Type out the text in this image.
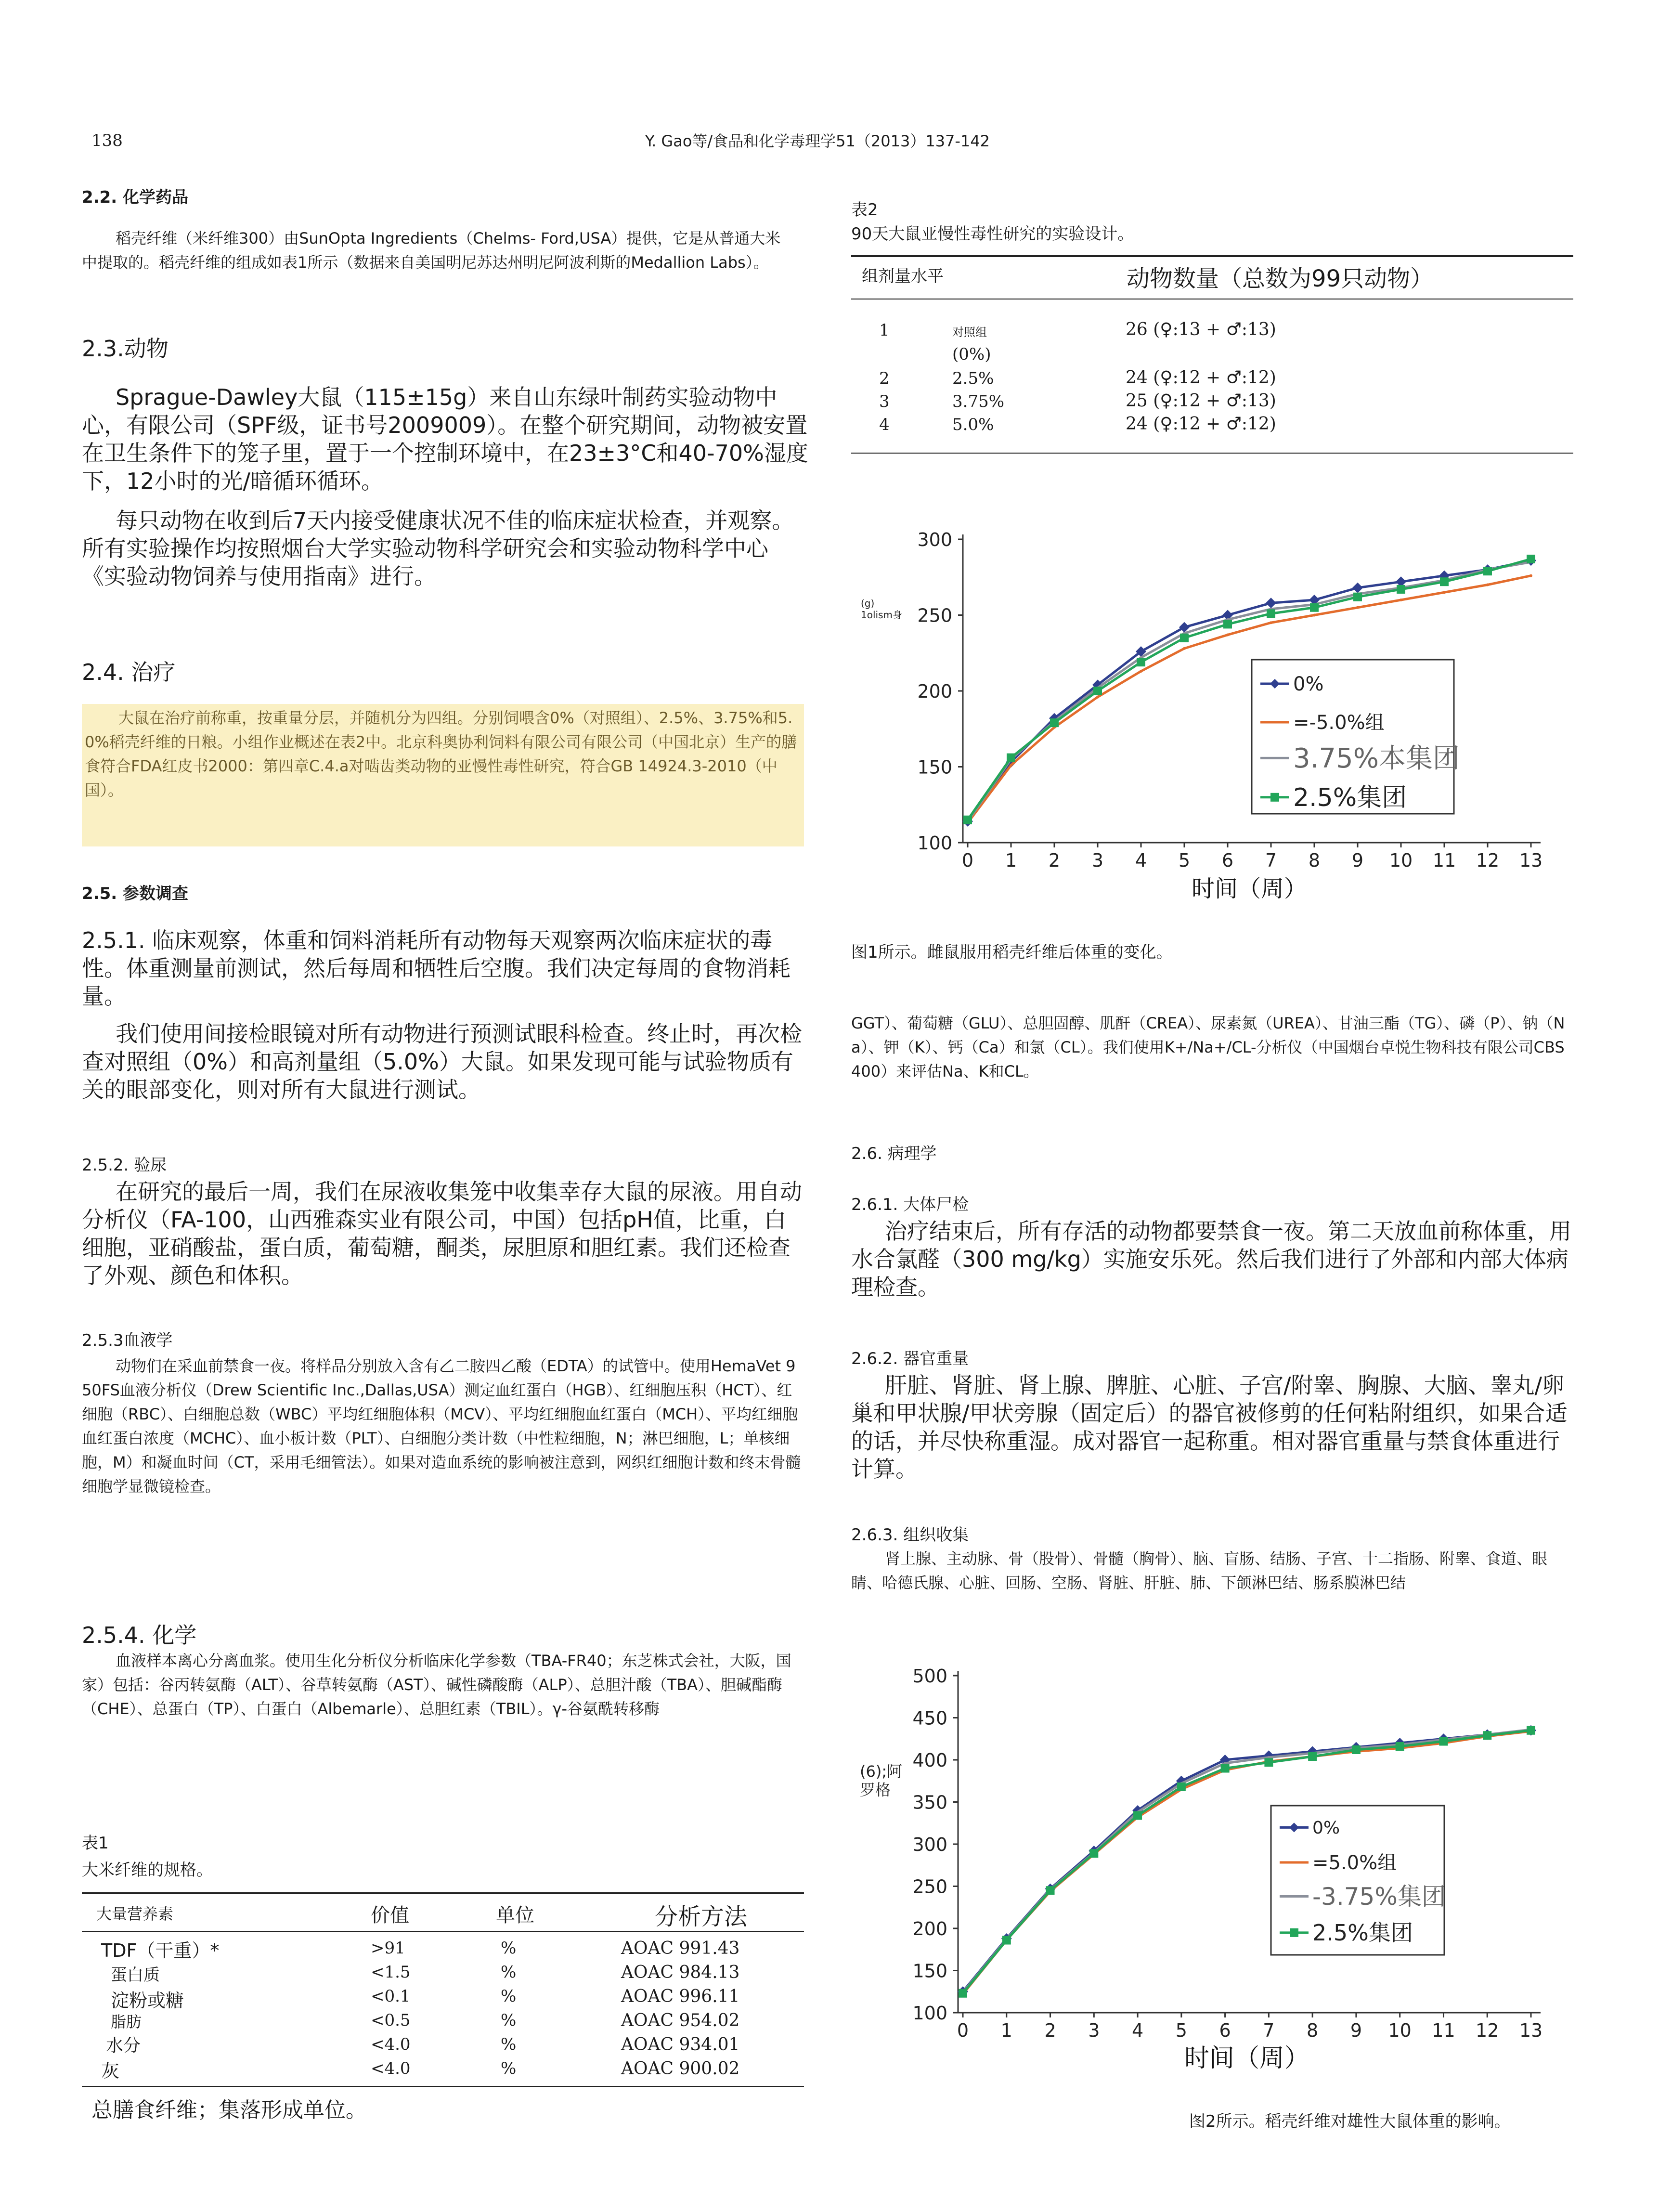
138	Y. Gao等/食品和化学毒理学51（2013）137-142
2.2. 化学药品
稻壳纤维（米纤维300）由SunOpta Ingredients（Chelms- Ford,USA）提供，它是从普通大米中提取的。稻壳纤维的组成如表1所示（数据来自美国明尼苏达州明尼阿波利斯的Medallion Labs）。
2.3.动物
Sprague-Dawley大鼠（115±15g）来自山东绿叶制药实验动物中心，有限公司（SPF级，证书号2009009）。在整个研究期间，动物被安置在卫生条件下的笼子里，置于一个控制环境中，在23±3°C和40-70%湿度下，12小时的光/暗循环循环。
每只动物在收到后7天内接受健康状况不佳的临床症状检查，并观察。所有实验操作均按照烟台大学实验动物科学研究会和实验动物科学中心《实验动物饲养与使用指南》进行。
2.4. 治疗
大鼠在治疗前称重，按重量分层，并随机分为四组。分别饲喂含0%（对照组）、2.5%、3.75%和5.0%稻壳纤维的日粮。小组作业概述在表2中。北京科奥协利饲料有限公司有限公司（中国北京）生产的膳食符合FDA红皮书2000：第四章C.4.a对啮齿类动物的亚慢性毒性研究，符合GB 14924.3-2010（中国）。
2.5. 参数调查
2.5.1. 临床观察，体重和饲料消耗所有动物每天观察两次临床症状的毒性。体重测量前测试，然后每周和牺牲后空腹。我们决定每周的食物消耗量。
我们使用间接检眼镜对所有动物进行预测试眼科检查。终止时，再次检查对照组（0%）和高剂量组（5.0%）大鼠。如果发现可能与试验物质有关的眼部变化，则对所有大鼠进行测试。
2.5.2. 验尿
在研究的最后一周，我们在尿液收集笼中收集幸存大鼠的尿液。用自动分析仪（FA-100，山西雅森实业有限公司，中国）包括pH值，比重，白细胞，亚硝酸盐，蛋白质，葡萄糖，酮类，尿胆原和胆红素。我们还检查了外观、颜色和体积。
2.5.3血液学
动物们在采血前禁食一夜。将样品分别放入含有乙二胺四乙酸（EDTA）的试管中。使用HemaVet 950FS血液分析仪（Drew Scientific Inc.,Dallas,USA）测定血红蛋白（HGB）、红细胞压积（HCT）、红细胞（RBC）、白细胞总数（WBC）平均红细胞体积（MCV）、平均红细胞血红蛋白（MCH）、平均红细胞血红蛋白浓度（MCHC）、血小板计数（PLT）、白细胞分类计数（中性粒细胞，N；淋巴细胞，L；单核细胞，M）和凝血时间（CT，采用毛细管法）。如果对造血系统的影响被注意到，网织红细胞计数和终末骨髓细胞学显微镜检查。
2.5.4. 化学
血液样本离心分离血浆。使用生化分析仪分析临床化学参数（TBA-FR40；东芝株式会社，大阪，国家）包括：谷丙转氨酶（ALT）、谷草转氨酶（AST）、碱性磷酸酶（ALP）、总胆汁酸（TBA）、胆碱酯酶（CHE）、总蛋白（TP）、白蛋白（Albemarle）、总胆红素（TBIL）。γ-谷氨酰转移酶
表1
大米纤维的规格。
大量营养素	价值	单位	分析方法
TDF（干重）*	>91	%	AOAC 991.43
蛋白质	<1.5	%	AOAC 984.13
淀粉或糖	<0.1	%	AOAC 996.11
脂肪	<0.5	%	AOAC 954.02
水分	<4.0	%	AOAC 934.01
灰	<4.0	%	AOAC 900.02
总膳食纤维；集落形成单位。
表2
90天大鼠亚慢性毒性研究的实验设计。
组剂量水平	动物数量（总数为99只动物）
1	对照组	26 (♀:13 + ♂:13)
(0%)
2	2.5%	24 (♀:12 + ♂:12)
3	3.75%	25 (♀:12 + ♂:13)
4	5.0%	24 (♀:12 + ♂:12)
100
150
200
250
300
0 1 2 3 4 5 6 7 8 9 10 11 12 13
时间（周）
(g)
1olism身
0%
=-5.0%组
3.75%本集团
2.5%集团
图1所示。雌鼠服用稻壳纤维后体重的变化。
GGT）、葡萄糖（GLU）、总胆固醇、肌酐（CREA）、尿素氮（UREA）、甘油三酯（TG）、磷（P）、钠（Na）、钾（K）、钙（Ca）和氯（CL）。我们使用K+/Na+/CL-分析仪（中国烟台卓悦生物科技有限公司CBS400）来评估Na、K和CL。
2.6. 病理学
2.6.1. 大体尸检
治疗结束后，所有存活的动物都要禁食一夜。第二天放血前称体重，用水合氯醛（300 mg/kg）实施安乐死。然后我们进行了外部和内部大体病理检查。
2.6.2. 器官重量
肝脏、肾脏、肾上腺、脾脏、心脏、子宫/附睾、胸腺、大脑、睾丸/卵巢和甲状腺/甲状旁腺（固定后）的器官被修剪的任何粘附组织，如果合适的话，并尽快称重湿。成对器官一起称重。相对器官重量与禁食体重进行计算。
2.6.3. 组织收集
肾上腺、主动脉、骨（股骨）、骨髓（胸骨）、脑、盲肠、结肠、子宫、十二指肠、附睾、食道、眼睛、哈德氏腺、心脏、回肠、空肠、肾脏、肝脏、肺、下颌淋巴结、肠系膜淋巴结
100
150
200
250
300
350
400
450
500
0 1 2 3 4 5 6 7 8 9 10 11 12 13
时间（周）
(6);阿
罗格
0%
=5.0%组
-3.75%集团
2.5%集团
图2所示。稻壳纤维对雄性大鼠体重的影响。
